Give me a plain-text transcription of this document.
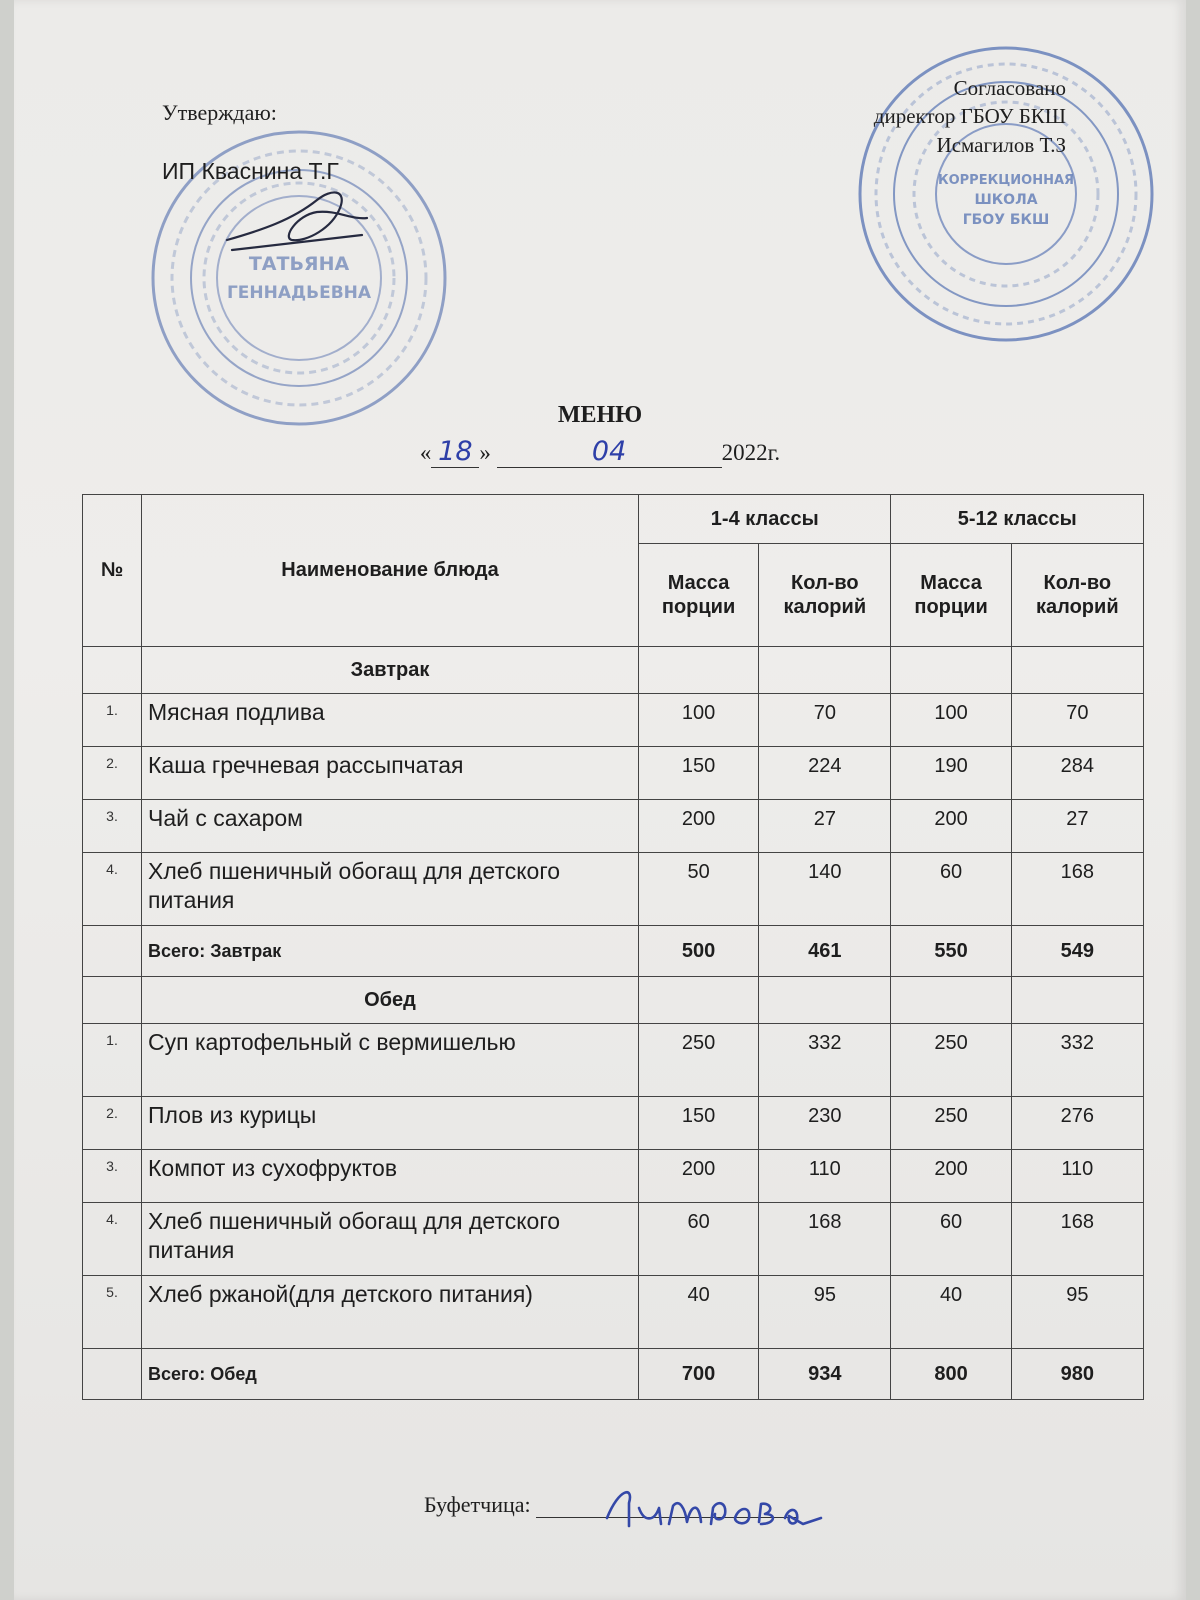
ТАТЬЯНА
ГЕННАДЬЕВНА
КОРРЕКЦИОННАЯ
ШКОЛА
ГБОУ БКШ
Утверждаю:
ИП Кваснина Т.Г
Согласовано
директор ГБОУ БКШ
Исмагилов Т.З
МЕНЮ
« 18 »	04	2022г.
№	Наименование блюда	1-4 классы		5-12 классы	
		Масса порции	Кол-во калорий	Масса порции	Кол-во калорий
	Завтрак				
1.	Мясная подлива	100	70	100	70
2.	Каша гречневая рассыпчатая	150	224	190	284
3.	Чай с сахаром	200	27	200	27
4.	Хлеб пшеничный обогащ для детского питания	50	140	60	168
	Всего: Завтрак	500	461	550	549
	Обед				
1.	Суп картофельный с вермишелью	250	332	250	332
2.	Плов из курицы	150	230	250	276
3.	Компот из сухофруктов	200	110	200	110
4.	Хлеб пшеничный обогащ для детского питания	60	168	60	168
5.	Хлеб ржаной(для детского питания)	40	95	40	95
	Всего: Обед	700	934	800	980
Буфетчица:
